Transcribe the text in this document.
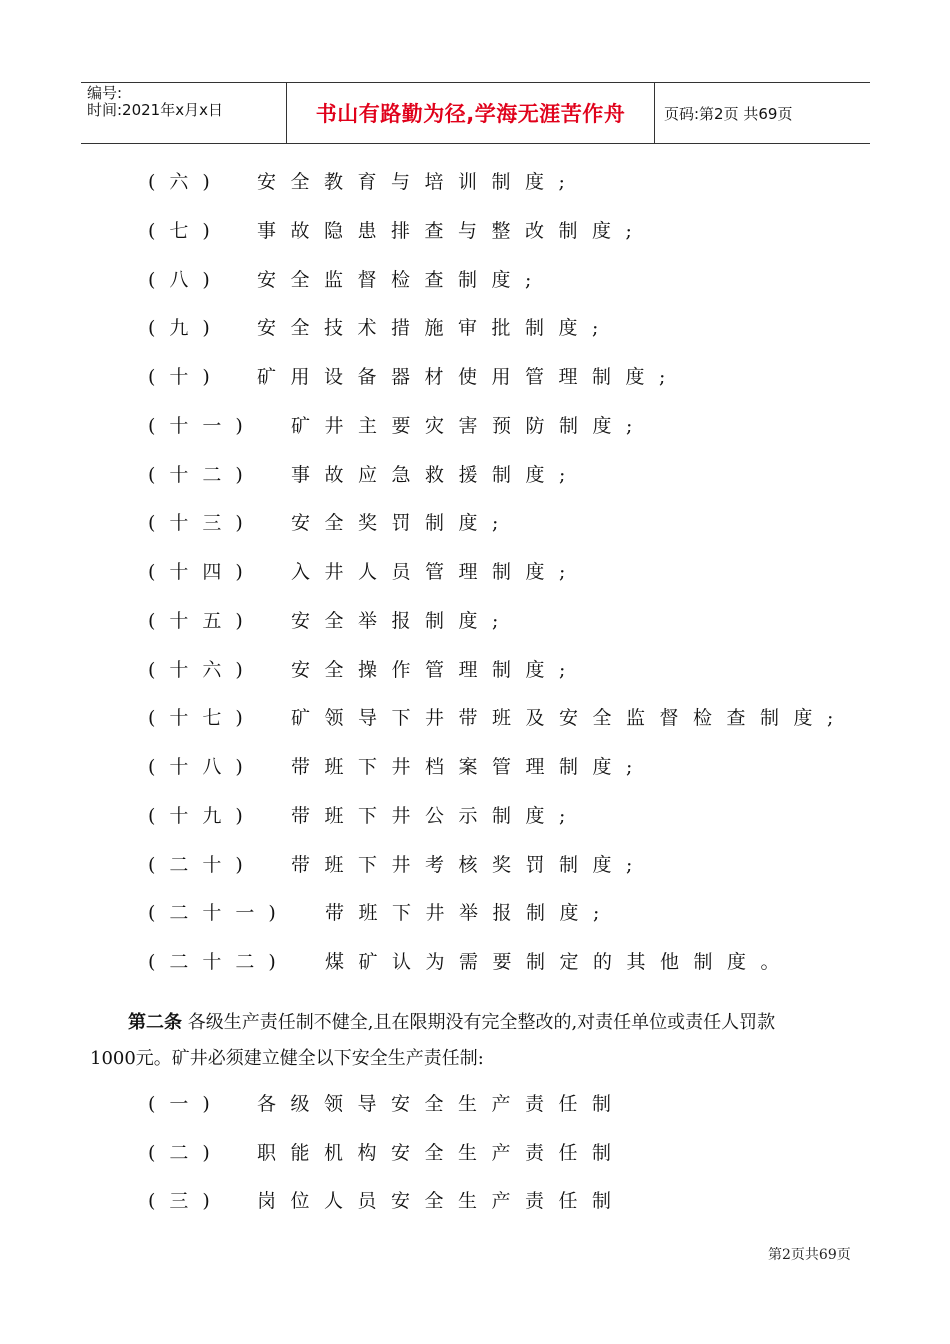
编号:
时间:2021年x月x日	书山有路勤为径,学海无涯苦作舟	页码:第2页 共69页
(六) 安全教育与培训制度;
(七) 事故隐患排查与整改制度;
(八) 安全监督检查制度;
(九) 安全技术措施审批制度;
(十) 矿用设备器材使用管理制度;
(十一) 矿井主要灾害预防制度;
(十二) 事故应急救援制度;
(十三) 安全奖罚制度;
(十四) 入井人员管理制度;
(十五) 安全举报制度;
(十六) 安全操作管理制度;
(十七) 矿领导下井带班及安全监督检查制度;
(十八) 带班下井档案管理制度;
(十九) 带班下井公示制度;
(二十) 带班下井考核奖罚制度;
(二十一) 带班下井举报制度;
(二十二) 煤矿认为需要制定的其他制度。
第二条 各级生产责任制不健全,且在限期没有完全整改的,对责任单位或责任人罚款
1000元。矿井必须建立健全以下安全生产责任制:
(一) 各级领导安全生产责任制
(二) 职能机构安全生产责任制
(三) 岗位人员安全生产责任制
第2页共69页
